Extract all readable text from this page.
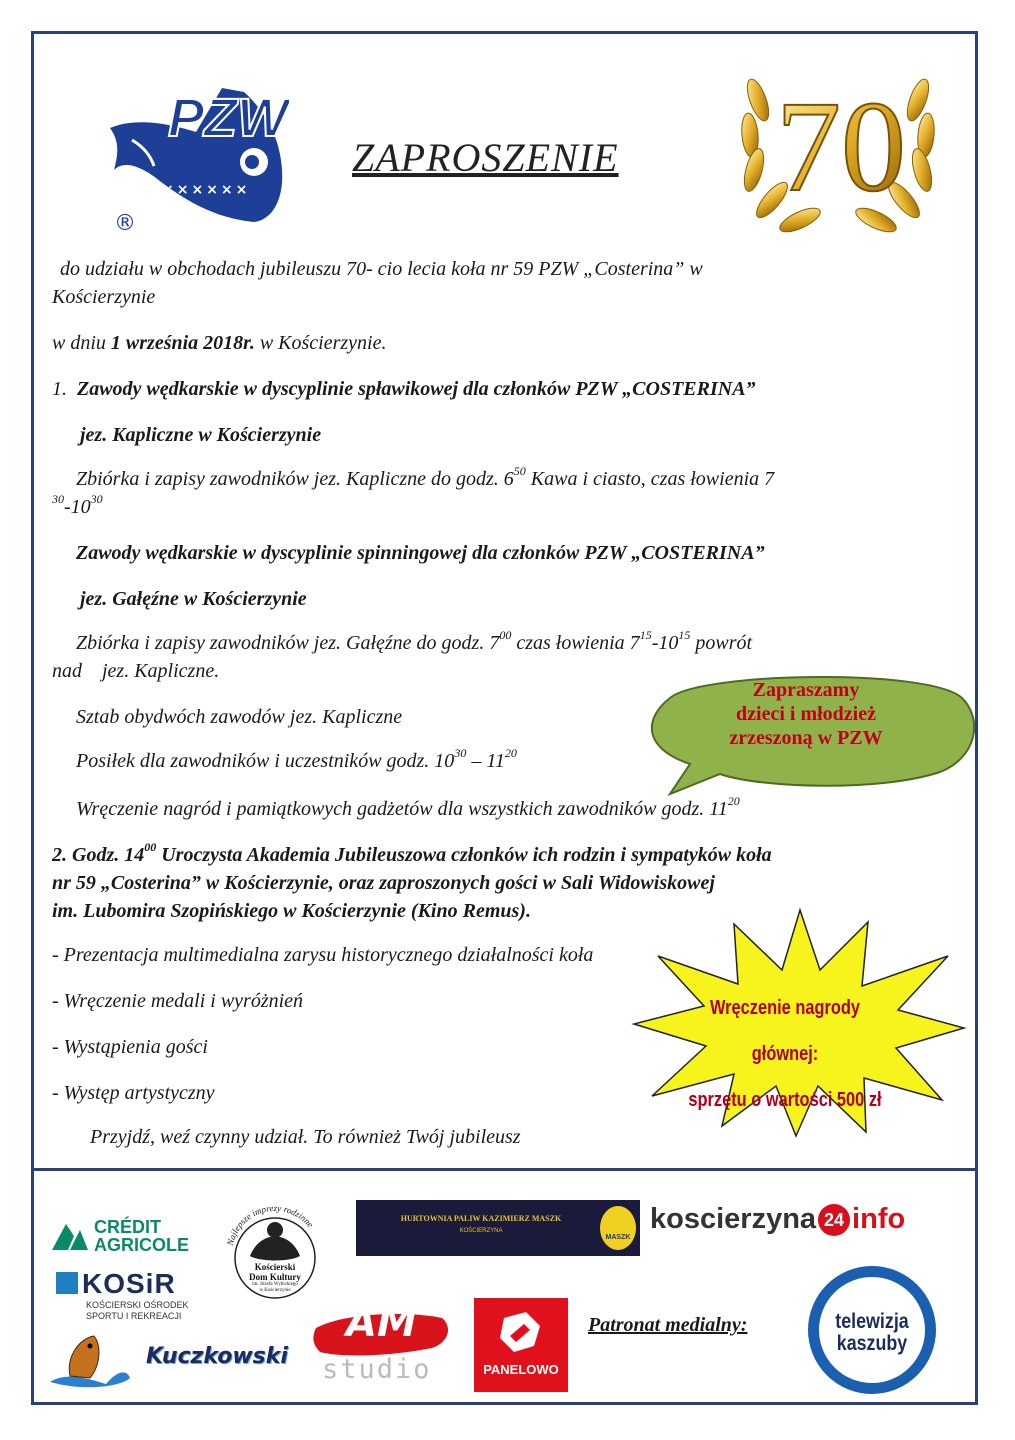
PZW
××××××
®
ZAPROSZENIE 70
do udziału w obchodach jubileuszu 70- cio lecia koła nr 59 PZW „Costerina” w
Kościerzynie
w dniu 1 września 2018r. w Kościerzynie.
1. Zawody wędkarskie w dyscyplinie spławikowej dla członków PZW „COSTERINA”
jez. Kapliczne w Kościerzynie
Zbiórka i zapisy zawodników jez. Kapliczne do godz. $6^{50}$ Kawa i ciasto, czas łowienia 7
$^{30}-10^{30}$
Zawody wędkarskie w dyscyplinie spinningowej dla członków PZW „COSTERINA”
jez. Gałęźne w Kościerzynie
Zbiórka i zapisy zawodników jez. Gałęźne do godz. $7^{00}$ czas łowienia $7^{15}-10^{15}$ powrót
nad    jez. Kapliczne.
Sztab obydwóch zawodów jez. Kapliczne
Posiłek dla zawodników i uczestników godz. $10^{30} - 11^{20}$
Wręczenie nagród i pamiątkowych gadżetów dla wszystkich zawodników godz. $11^{20}$
Zapraszamy
dzieci i młodzież
zrzeszoną w PZW
2. Godz. $14^{00}$ Uroczysta Akademia Jubileuszowa członków ich rodzin i sympatyków koła
nr 59 „Costerina” w Kościerzynie, oraz zaproszonych gości w Sali Widowiskowej
im. Lubomira Szopińskiego w Kościerzynie (Kino Remus).
- Prezentacja multimedialna zarysu historycznego działalności koła
- Wręczenie medali i wyróżnień
- Wystąpienia gości
- Występ artystyczny
Przyjdź, weź czynny udział. To również Twój jubileusz
Wręczenie nagrody głównej:
sprzętu o wartości 500 zł
CRÉDIT
AGRICOLE
KOSiR
KOŚCIERSKI OŚRODEK
SPORTU I REKREACJI
Najlepsze imprezy rodzinne
Kościerski
Dom Kultury
im. Józefa Wybickiego
w Kościerzynie
HURTOWNIA PALIW KAZIMIERZ MASZK
KOŚCIERZYNA
MASZK
koscierzyna 24 info
Kuczkowski
AM
studio	PANELOWO
Patronat medialny:	telewizja
kaszuby
